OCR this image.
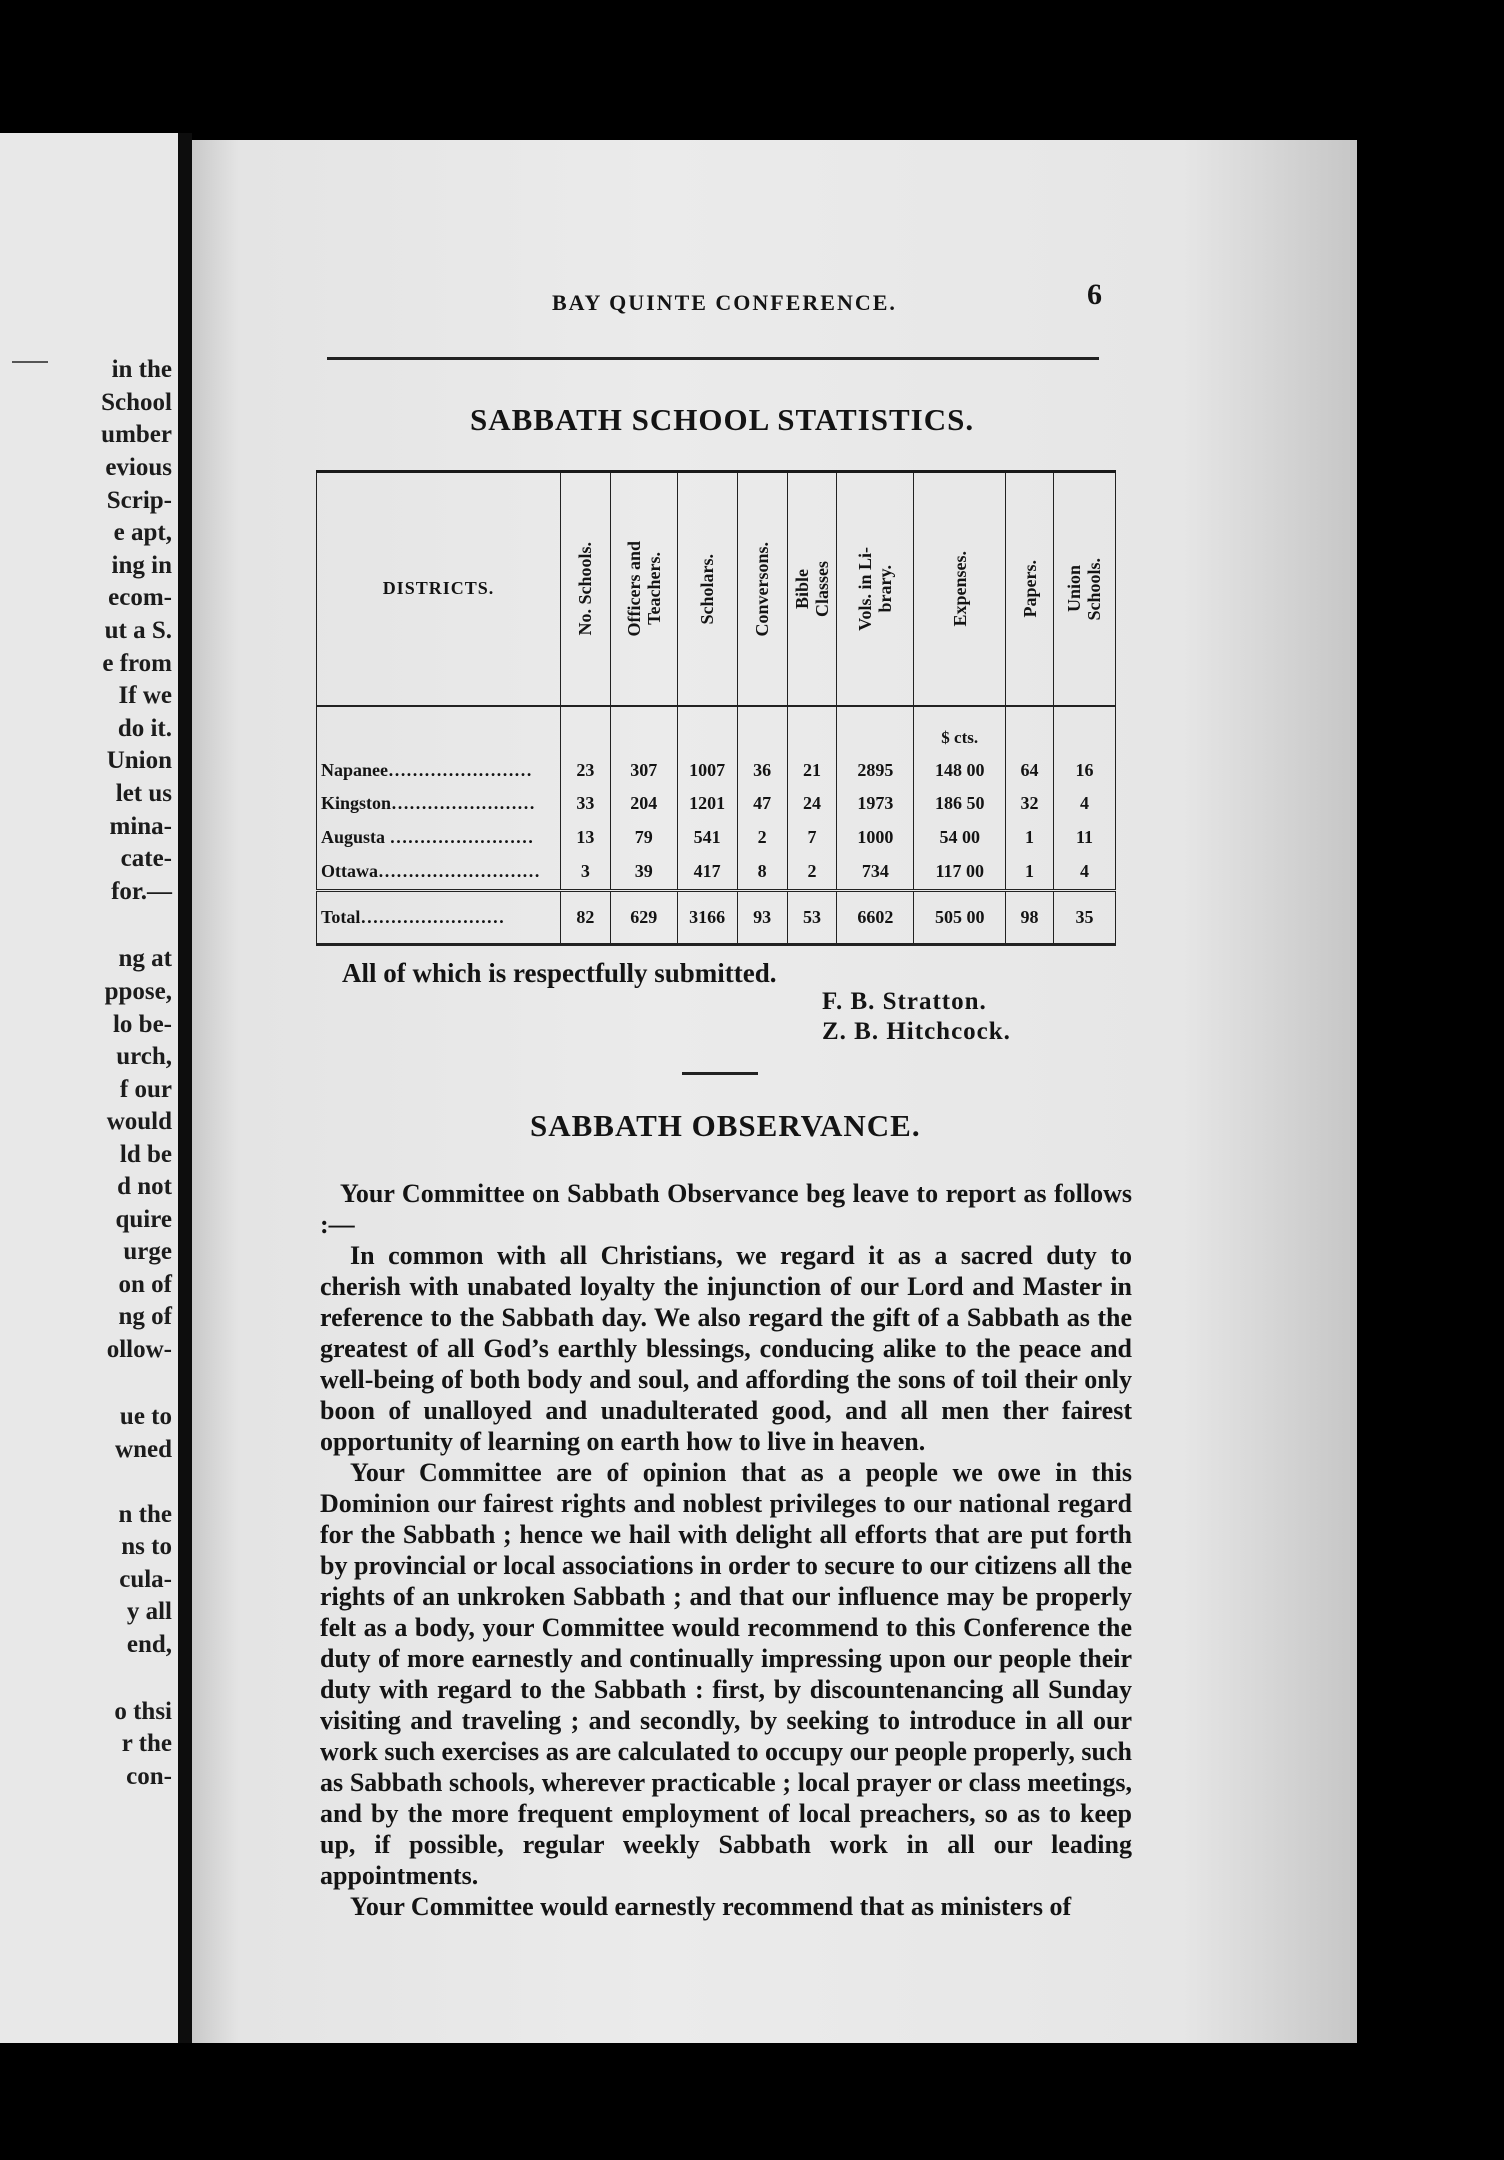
in the
School
umber
evious
Scrip-
e apt,
ing in
ecom-
ut a S.
e from
If we
do it.
Union
let us
mina-
cate-
for.—
ng at
ppose,
lo be-
urch,
f our
would
ld be
d not
quire
urge
on of
ng of
ollow-
ue to
wned
n the
ns to
cula-
y all
end,
o thsi
r the
con-
BAY QUINTE CONFERENCE.	6
SABBATH SCHOOL STATISTICS.
DISTRICTS.	No. Schools.	Officers and Teachers.	Scholars.	Conversons.	Bible Classes	Vols. in Li- brary.	Expenses.	Papers.	Union Schools.

							$ cts.		
Napanee……………………	23	307	1007	36	21	2895	148 00	64	16
Kingston……………………	33	204	1201	47	24	1973	186 50	32	4
Augusta ……………………	13	79	541	2	7	1000	54 00	1	11
Ottawa………………………	3	39	417	8	2	734	117 00	1	4
Total……………………	82	629	3166	93	53	6602	505 00	98	35
All of which is respectfully submitted.
F. B. Stratton.
Z. B. Hitchcock.
SABBATH OBSERVANCE.

Your Committee on Sabbath Observance beg leave to report as follows :—

In common with all Christians, we regard it as a sacred duty to cherish with unabated loyalty the injunction of our Lord and Master in reference to the Sabbath day. We also regard the gift of a Sabbath as the greatest of all God’s earthly blessings, conducing alike to the peace and well-being of both body and soul, and affording the sons of toil their only boon of unalloyed and unadulterated good, and all men ther fairest opportunity of learning on earth how to live in heaven.

Your Committee are of opinion that as a people we owe in this Dominion our fairest rights and noblest privileges to our national regard for the Sabbath ; hence we hail with delight all efforts that are put forth by provincial or local associations in order to secure to our citizens all the rights of an unkroken Sabbath ; and that our influence may be properly felt as a body, your Committee would recommend to this Conference the duty of more earnestly and continually impressing upon our people their duty with regard to the Sabbath : first, by discountenancing all Sunday visiting and traveling ; and secondly, by seeking to introduce in all our work such exercises as are calculated to occupy our people properly, such as Sabbath schools, wherever practicable ; local prayer or class meetings, and by the more frequent employment of local preachers, so as to keep up, if possible, regular weekly Sabbath work in all our leading appointments.

Your Committee would earnestly recommend that as ministers of
